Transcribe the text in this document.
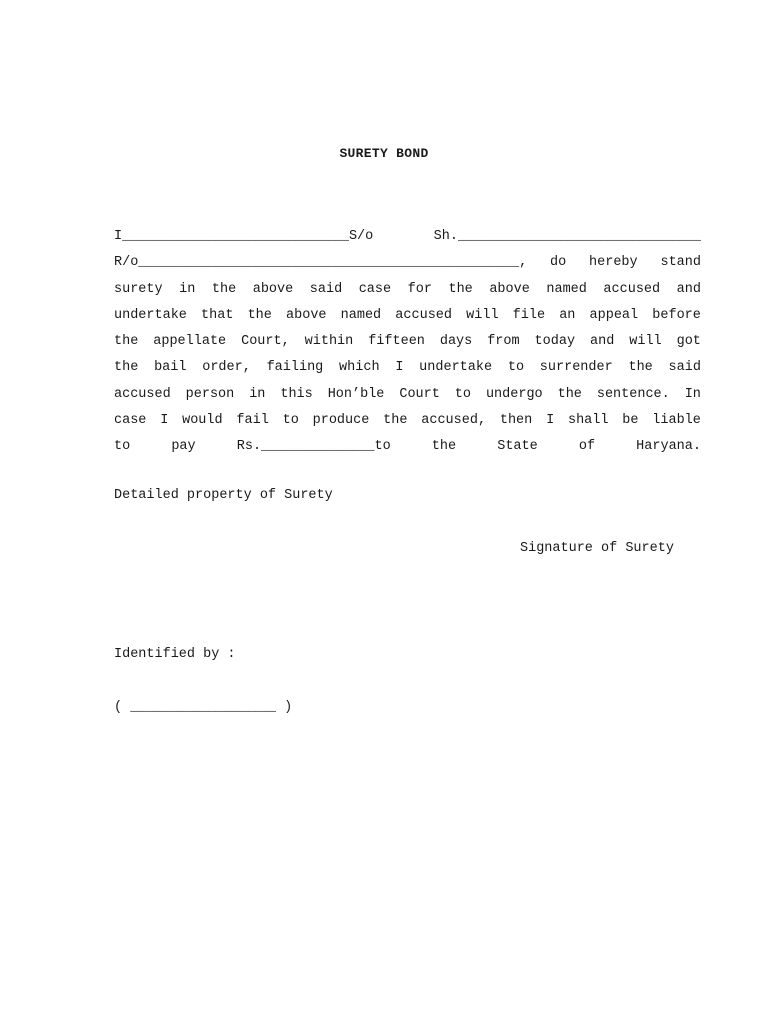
SURETY BOND
I____________________________S/o	Sh.______________________________
R/o_______________________________________________, do hereby stand
surety in the above said case for the above named accused and
undertake that the above named accused will file an appeal before
the appellate Court, within fifteen days from today and will got
the bail order, failing which I undertake to surrender the said
accused person in this Hon’ble Court to undergo the sentence. In
case I would fail to produce the accused, then I shall be liable
to pay Rs.______________to the State of Haryana.
Detailed property of Surety
Signature of Surety
Identified by :
( __________________ )
